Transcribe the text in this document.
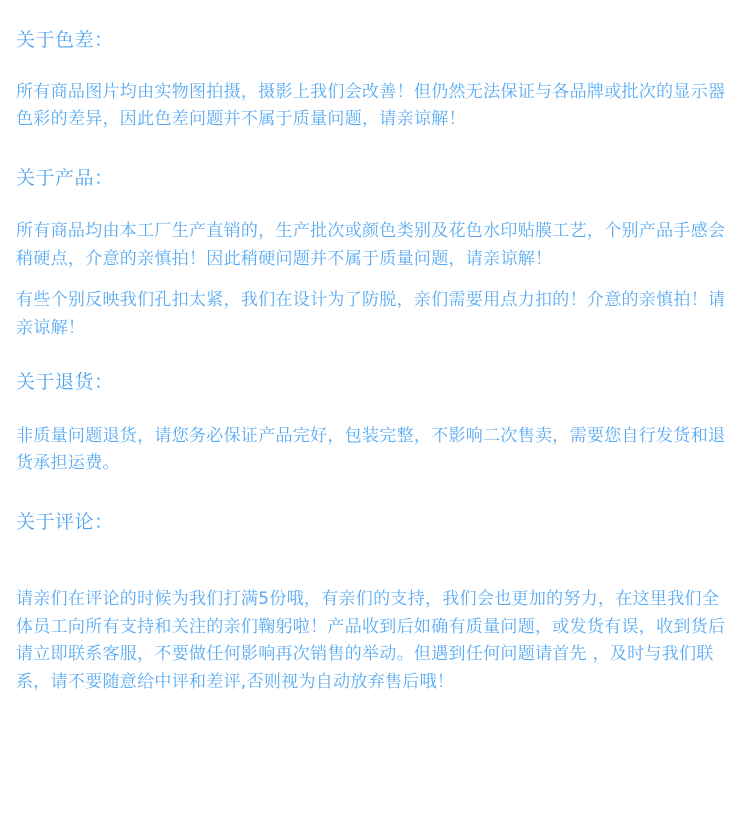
关于色差：

所有商品图片均由实物图拍摄，摄影上我们会改善！但仍然无法保证与各品牌或批次的显示器色彩的差异，因此色差问题并不属于质量问题，请亲谅解！

关于产品：

所有商品均由本工厂生产直销的，生产批次或颜色类别及花色水印贴膜工艺，个别产品手感会稍硬点，介意的亲慎拍！因此稍硬问题并不属于质量问题，请亲谅解！

有些个别反映我们孔扣太紧，我们在设计为了防脱，亲们需要用点力扣的！介意的亲慎拍！请亲谅解！

关于退货：

非质量问题退货，请您务必保证产品完好，包装完整，不影响二次售卖，需要您自行发货和退货承担运费。

关于评论：

请亲们在评论的时候为我们打满5份哦，有亲们的支持，我们会也更加的努力，在这里我们全体员工向所有支持和关注的亲们鞠躬啦！产品收到后如确有质量问题，或发货有误，收到货后请立即联系客服，不要做任何影响再次销售的举动。但遇到任何问题请首先 ，及时与我们联系，请不要随意给中评和差评,否则视为自动放弃售后哦！
